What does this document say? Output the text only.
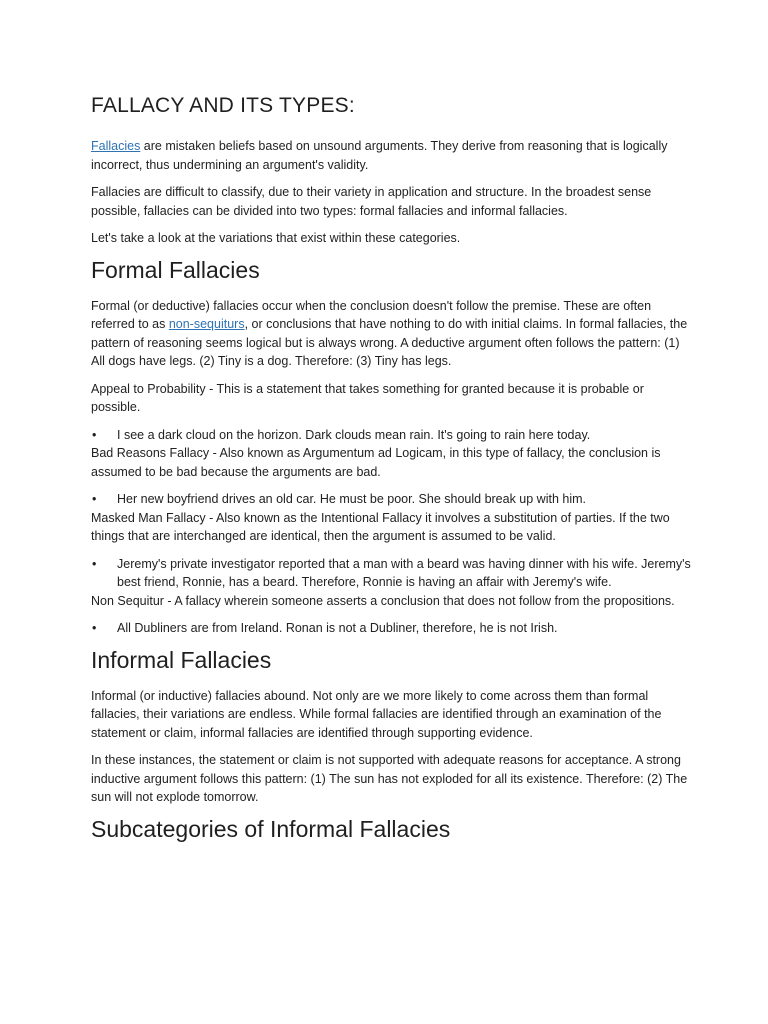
FALLACY AND ITS TYPES:

Fallacies are mistaken beliefs based on unsound arguments. They derive from reasoning that is logically incorrect, thus undermining an argument's validity.

Fallacies are difficult to classify, due to their variety in application and structure. In the broadest sense possible, fallacies can be divided into two types: formal fallacies and informal fallacies.

Let's take a look at the variations that exist within these categories.

Formal Fallacies

Formal (or deductive) fallacies occur when the conclusion doesn't follow the premise. These are often referred to as non-sequiturs, or conclusions that have nothing to do with initial claims. In formal fallacies, the pattern of reasoning seems logical but is always wrong. A deductive argument often follows the pattern: (1) All dogs have legs. (2) Tiny is a dog. Therefore: (3) Tiny has legs.

Appeal to Probability - This is a statement that takes something for granted because it is probable or possible.

• I see a dark cloud on the horizon. Dark clouds mean rain. It's going to rain here today.

Bad Reasons Fallacy - Also known as Argumentum ad Logicam, in this type of fallacy, the conclusion is assumed to be bad because the arguments are bad.

• Her new boyfriend drives an old car. He must be poor. She should break up with him.

Masked Man Fallacy - Also known as the Intentional Fallacy it involves a substitution of parties. If the two things that are interchanged are identical, then the argument is assumed to be valid.

• Jeremy's private investigator reported that a man with a beard was having dinner with his wife. Jeremy's best friend, Ronnie, has a beard. Therefore, Ronnie is having an affair with Jeremy's wife.

Non Sequitur - A fallacy wherein someone asserts a conclusion that does not follow from the propositions.

• All Dubliners are from Ireland. Ronan is not a Dubliner, therefore, he is not Irish.
Informal Fallacies

Informal (or inductive) fallacies abound. Not only are we more likely to come across them than formal fallacies, their variations are endless. While formal fallacies are identified through an examination of the statement or claim, informal fallacies are identified through supporting evidence.

In these instances, the statement or claim is not supported with adequate reasons for acceptance. A strong inductive argument follows this pattern: (1) The sun has not exploded for all its existence. Therefore: (2) The sun will not explode tomorrow.

Subcategories of Informal Fallacies
